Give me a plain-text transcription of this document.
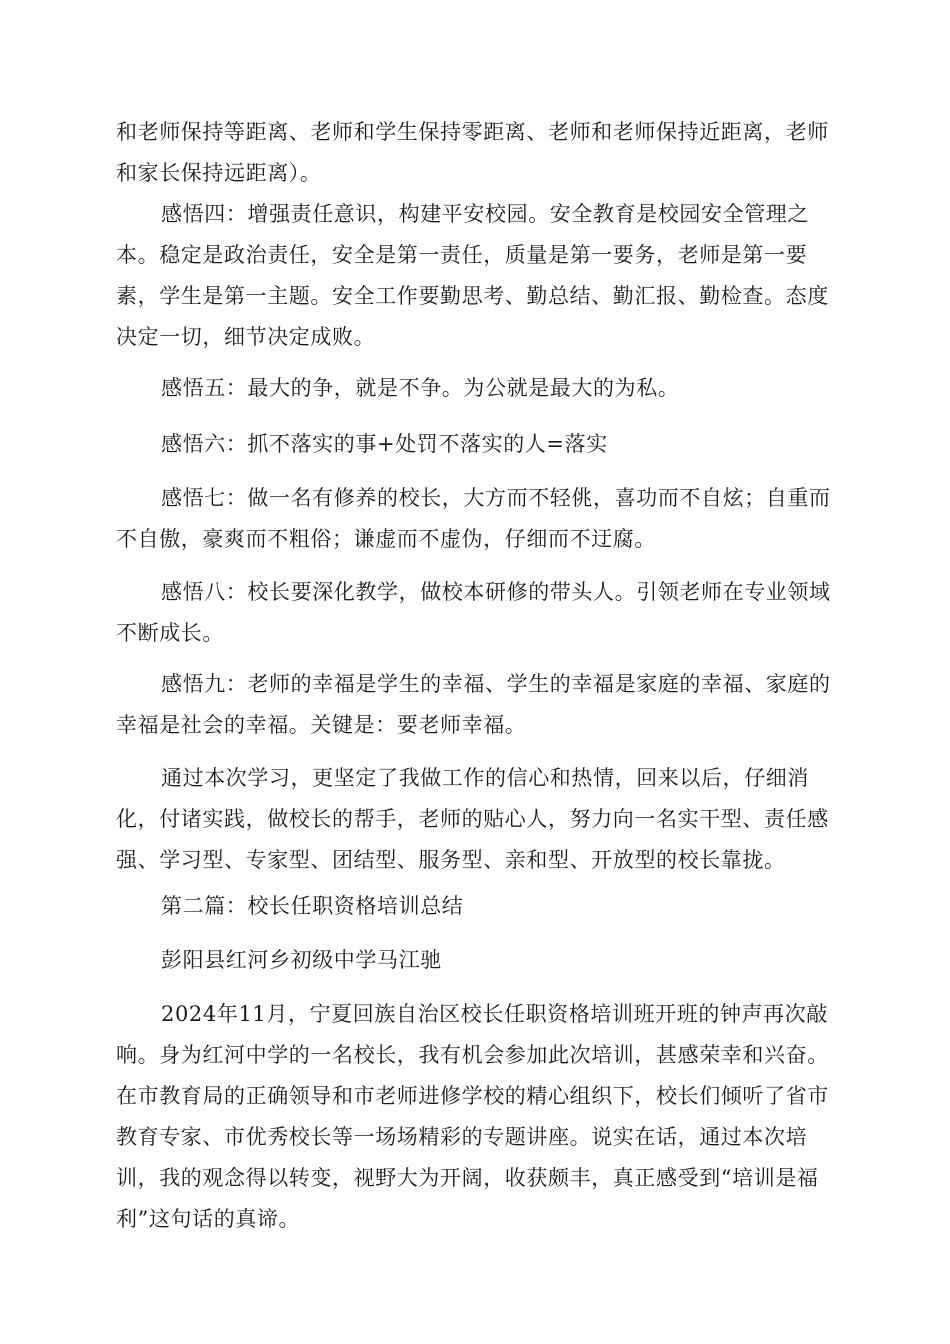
和老师保持等距离、老师和学生保持零距离、老师和老师保持近距离，老师和家长保持远距离）。

感悟四：增强责任意识，构建平安校园。安全教育是校园安全管理之本。稳定是政治责任，安全是第一责任，质量是第一要务，老师是第一要素，学生是第一主题。安全工作要勤思考、勤总结、勤汇报、勤检查。态度决定一切，细节决定成败。

感悟五：最大的争，就是不争。为公就是最大的为私。

感悟六：抓不落实的事+处罚不落实的人=落实

感悟七：做一名有修养的校长，大方而不轻佻，喜功而不自炫；自重而不自傲，豪爽而不粗俗；谦虚而不虚伪，仔细而不迂腐。

感悟八：校长要深化教学，做校本研修的带头人。引领老师在专业领域不断成长。

感悟九：老师的幸福是学生的幸福、学生的幸福是家庭的幸福、家庭的幸福是社会的幸福。关键是：要老师幸福。

通过本次学习，更坚定了我做工作的信心和热情，回来以后，仔细消化，付诸实践，做校长的帮手，老师的贴心人，努力向一名实干型、责任感强、学习型、专家型、团结型、服务型、亲和型、开放型的校长靠拢。

第二篇：校长任职资格培训总结

彭阳县红河乡初级中学马江驰

2024年11月，宁夏回族自治区校长任职资格培训班开班的钟声再次敲响。身为红河中学的一名校长，我有机会参加此次培训，甚感荣幸和兴奋。在市教育局的正确领导和市老师进修学校的精心组织下，校长们倾听了省市教育专家、市优秀校长等一场场精彩的专题讲座。说实在话，通过本次培训，我的观念得以转变，视野大为开阔，收获颇丰，真正感受到“培训是福利”这句话的真谛。
